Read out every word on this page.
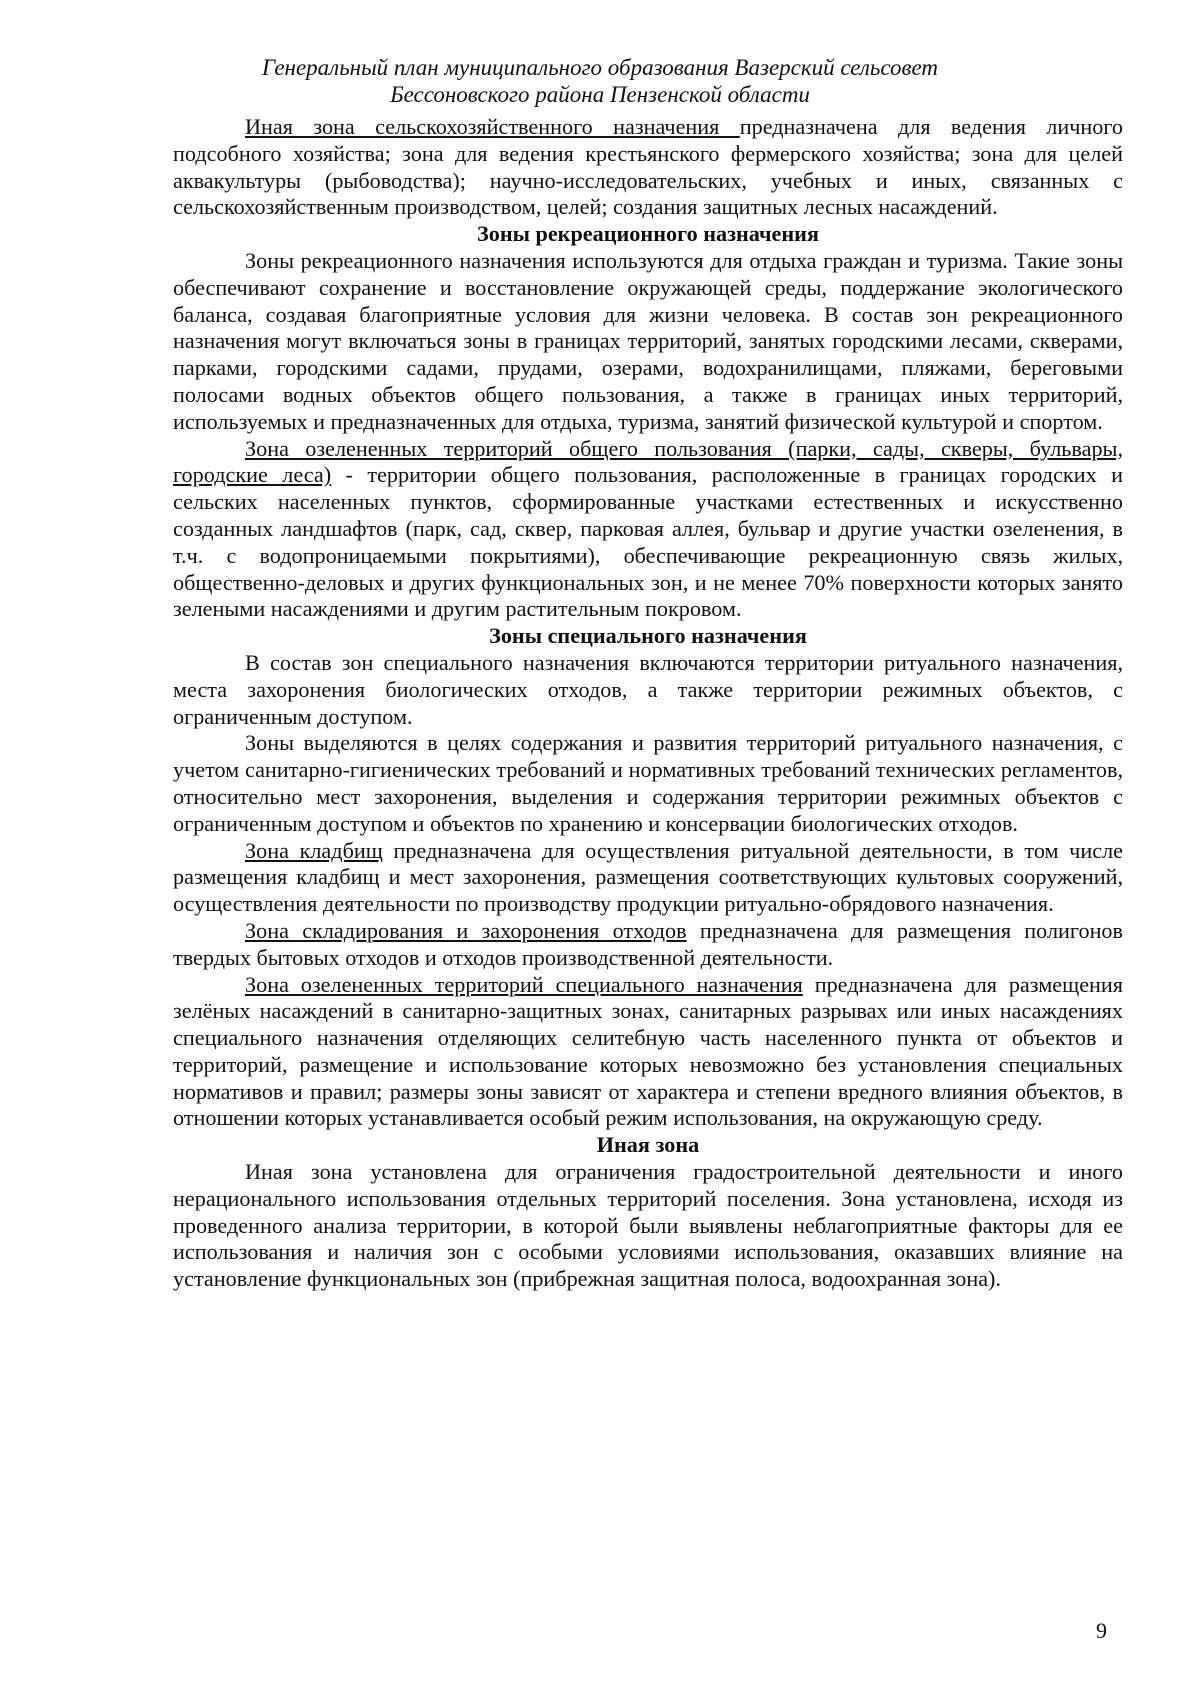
Генеральный план муниципального образования Вазерский сельсовет
Бессоновского района Пензенской области

Иная зона сельскохозяйственного назначения предназначена для ведения личного подсобного хозяйства; зона для ведения крестьянского фермерского хозяйства; зона для целей аквакультуры (рыбоводства); научно-исследовательских, учебных и иных, связанных с сельскохозяйственным производством, целей; создания защитных лесных насаждений.

Зоны рекреационного назначения

Зоны рекреационного назначения используются для отдыха граждан и туризма. Такие зоны обеспечивают сохранение и восстановление окружающей среды, поддержание экологического баланса, создавая благоприятные условия для жизни человека. В состав зон рекреационного назначения могут включаться зоны в границах территорий, занятых городскими лесами, скверами, парками, городскими садами, прудами, озерами, водохранилищами, пляжами, береговыми полосами водных объектов общего пользования, а также в границах иных территорий, используемых и предназначенных для отдыха, туризма, занятий физической культурой и спортом.

Зона озелененных территорий общего пользования (парки, сады, скверы, бульвары, городские леса) - территории общего пользования, расположенные в границах городских и сельских населенных пунктов, сформированные участками естественных и искусственно созданных ландшафтов (парк, сад, сквер, парковая аллея, бульвар и другие участки озеленения, в т.ч. с водопроницаемыми покрытиями), обеспечивающие рекреационную связь жилых, общественно-деловых и других функциональных зон, и не менее 70% поверхности которых занято зелеными насаждениями и другим растительным покровом.

Зоны специального назначения

В состав зон специального назначения включаются территории ритуального назначения, места захоронения биологических отходов, а также территории режимных объектов, с ограниченным доступом.

Зоны выделяются в целях содержания и развития территорий ритуального назначения, с учетом санитарно-гигиенических требований и нормативных требований технических регламентов, относительно мест захоронения, выделения и содержания территории режимных объектов с ограниченным доступом и объектов по хранению и консервации биологических отходов.

Зона кладбищ предназначена для осуществления ритуальной деятельности, в том числе размещения кладбищ и мест захоронения, размещения соответствующих культовых сооружений, осуществления деятельности по производству продукции ритуально-обрядового назначения.

Зона складирования и захоронения отходов предназначена для размещения полигонов твердых бытовых отходов и отходов производственной деятельности.

Зона озелененных территорий специального назначения предназначена для размещения зелёных насаждений в санитарно-защитных зонах, санитарных разрывах или иных насаждениях специального назначения отделяющих селитебную часть населенного пункта от объектов и территорий, размещение и использование которых невозможно без установления специальных нормативов и правил; размеры зоны зависят от характера и степени вредного влияния объектов, в отношении которых устанавливается особый режим использования, на окружающую среду.

Иная зона

Иная зона установлена для ограничения градостроительной деятельности и иного нерационального использования отдельных территорий поселения. Зона установлена, исходя из проведенного анализа территории, в которой были выявлены неблагоприятные факторы для ее использования и наличия зон с особыми условиями использования, оказавших влияние на установление функциональных зон (прибрежная защитная полоса, водоохранная зона).

9
